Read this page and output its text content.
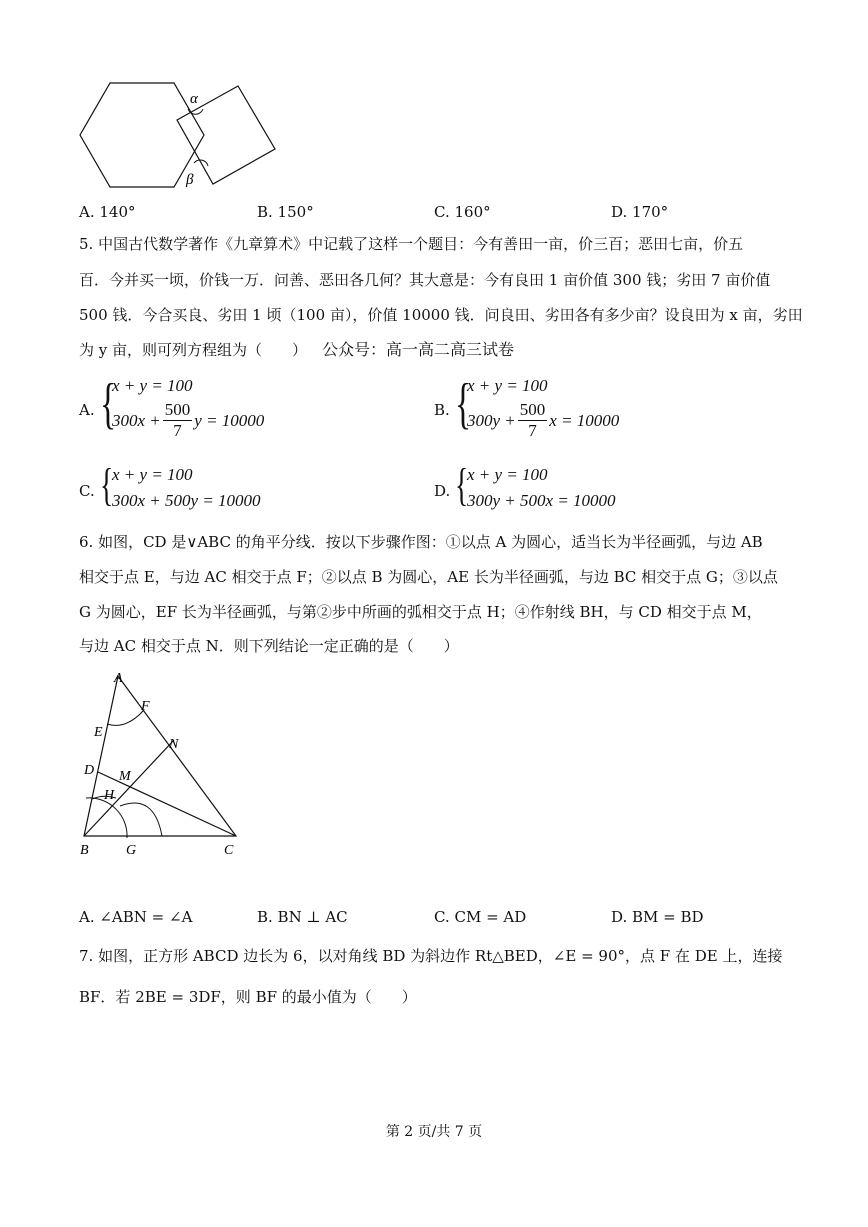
α
β
A. 140°	B. 150°	C. 160°	D. 170°
5. 中国古代数学著作《九章算术》中记载了这样一个题目：今有善田一亩，价三百；恶田七亩，价五
百．今并买一顷，价钱一万．问善、恶田各几何？其大意是：今有良田 1 亩价值 300 钱；劣田 7 亩价值
500 钱．今合买良、劣田 1 顷（100 亩），价值 10000 钱．问良田、劣田各有多少亩？设良田为 x 亩，劣田
为 y 亩，则可列方程组为（　　） 公众号：高一高二高三试卷
A. {
x + y = 100
$300x + \frac{500}{7}$ y = 10000
B. {
x + y = 100
$300y + \frac{500}{7}$ x = 10000
C. {
x + y = 100
300x + 500y = 10000	D. {
x + y = 100
300y + 500x = 10000
6. 如图，CD 是∨ABC 的角平分线．按以下步骤作图：①以点 A 为圆心，适当长为半径画弧，与边 AB
相交于点 E，与边 AC 相交于点 F；②以点 B 为圆心，AE 长为半径画弧，与边 BC 相交于点 G；③以点
G 为圆心，EF 长为半径画弧，与第②步中所画的弧相交于点 H；④作射线 BH，与 CD 相交于点 M，
与边 AC 相交于点 N．则下列结论一定正确的是（　　）
A
F
E
N
D M
H
B	G	C
A. ∠ABN = ∠A	B. BN ⊥ AC	C. CM = AD	D. BM = BD
7. 如图，正方形 ABCD 边长为 6，以对角线 BD 为斜边作 Rt△BED，∠E = 90°，点 F 在 DE 上，连接
BF．若 2BE = 3DF，则 BF 的最小值为（　　）
第 2 页/共 7 页
